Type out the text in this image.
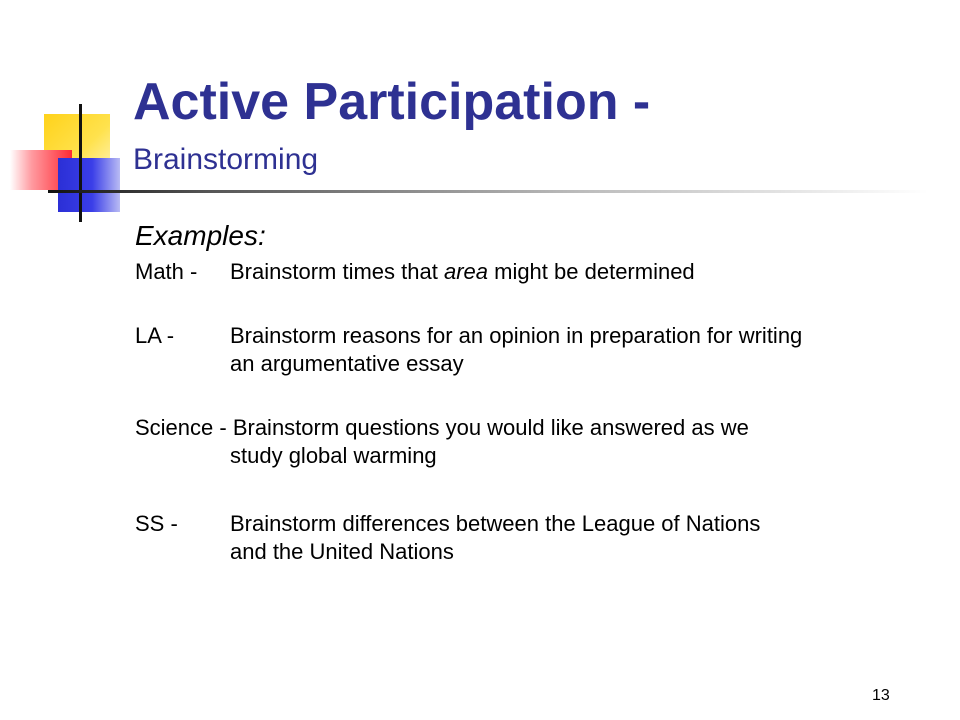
Active Participation -
Brainstorming
Examples:
Math - Brainstorm times that area might be determined
LA -	Brainstorm reasons for an opinion in preparation for writing an argumentative essay
Science - Brainstorm questions you would like answered as we
study global warming
SS - Brainstorm differences between the League of Nations and the United Nations
13
